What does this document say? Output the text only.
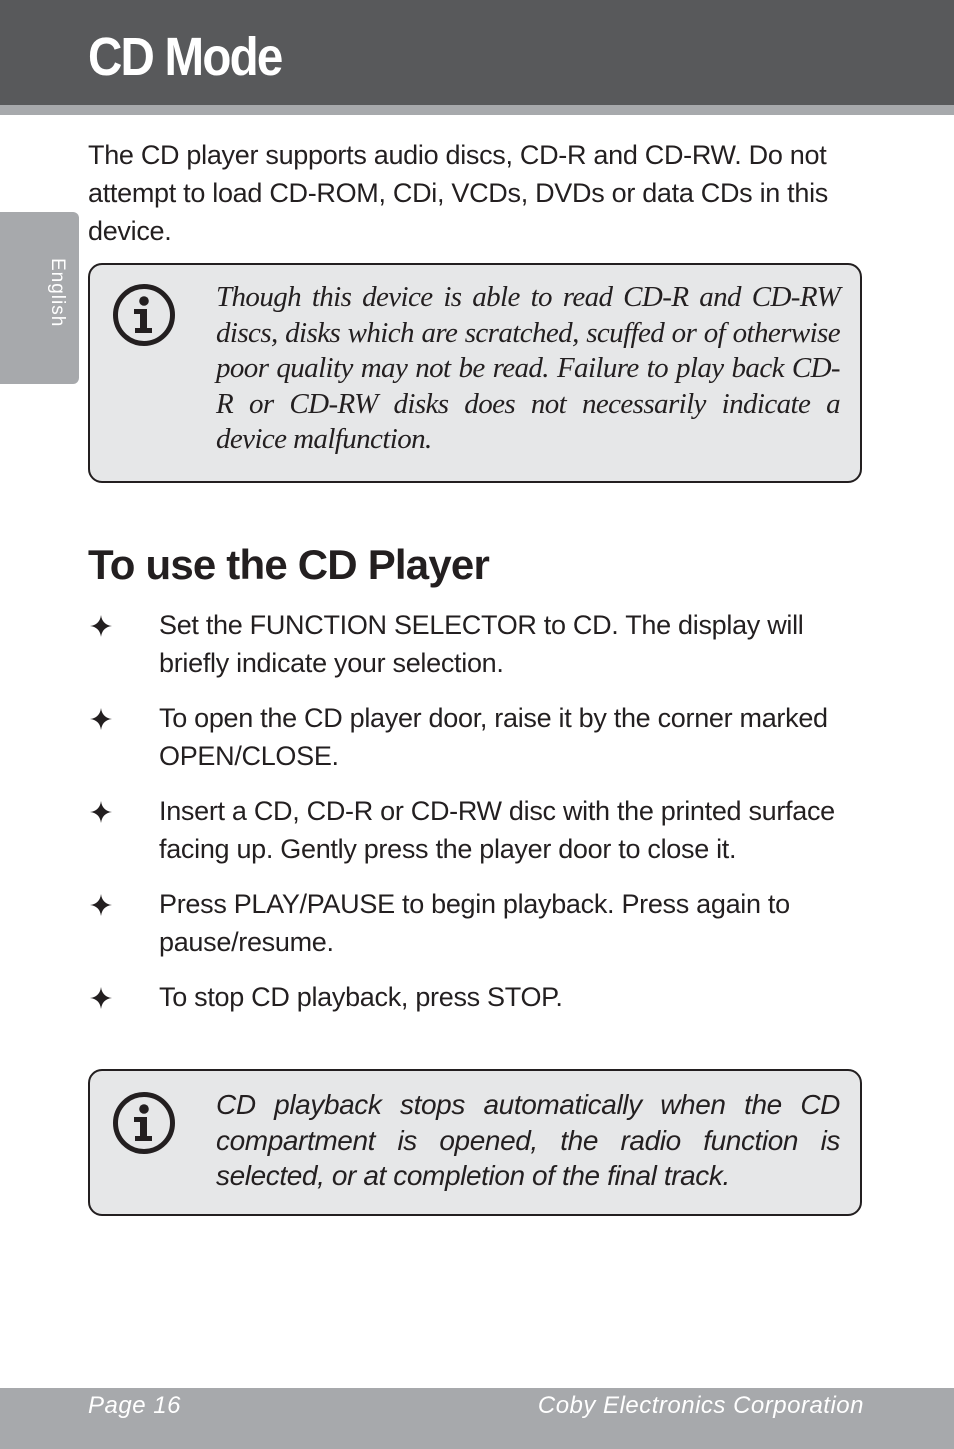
CD Mode
English

The CD player supports audio discs, CD-R and CD-RW. Do not attempt to load CD-ROM, CDi, VCDs, DVDs or data CDs in this device.

Though this device is able to read CD-R and CD-RW discs, disks which are scratched, scuffed or of otherwise poor quality may not be read. Failure to play back CD-R or CD-RW disks does not necessarily indicate a device malfunction.

To use the CD Player
Set the FUNCTION SELECTOR to CD. The display will briefly indicate your selection.
To open the CD player door, raise it by the corner marked OPEN/CLOSE.
Insert a CD, CD-R or CD-RW disc with the printed surface facing up. Gently press the player door to close it.
Press PLAY/PAUSE to begin playback. Press again to pause/resume.
To stop CD playback, press STOP.

CD playback stops automatically when the CD compartment is opened, the radio function is selected, or at completion of the final track.

Page 16	Coby Electronics Corporation
